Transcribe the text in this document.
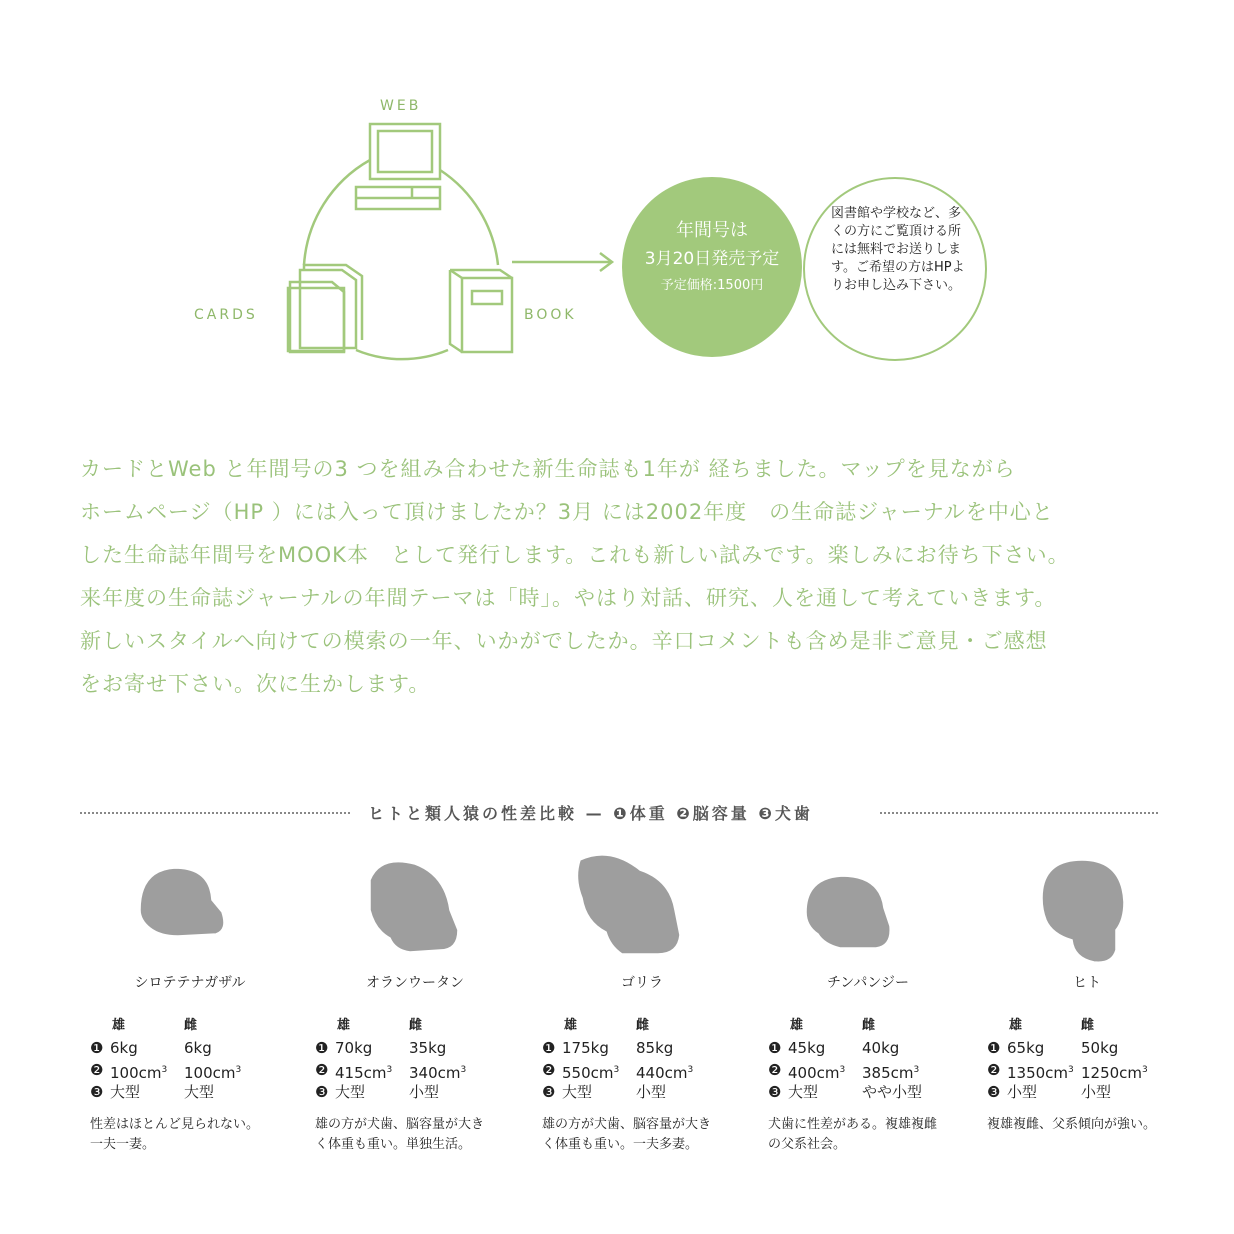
WEB
CARDS	BOOK
年間号は
3月20日発売予定
予定価格:1500円
図書館や学校など、多くの方にご覧頂ける所には無料でお送りします。ご希望の方はHPよりお申し込み下さい。
カードとWeb と年間号の3 つを組み合わせた新生命誌も1年が 経ちました。マップを見ながら
ホームページ（HP ）には入って頂けましたか？3月 には2002年度　の生命誌ジャーナルを中心と
した生命誌年間号をMOOK本　として発行します。これも新しい試みです。楽しみにお待ち下さい。
来年度の生命誌ジャーナルの年間テーマは「時」。やはり対話、研究、人を通して考えていきます。
新しいスタイルへ向けての模索の一年、いかがでしたか。辛口コメントも含め是非ご意見・ご感想
をお寄せ下さい。次に生かします。
ヒトと類人猿の性差比較 — ❶体重 ❷脳容量 ❸犬歯
シロテテナガザル
雄	雌
❶ 6kg	6kg
❷ $100cm^3$ $100cm^3$
❸ 大型	大型
性差はほとんど見られない。一夫一妻。
オランウータン
雄	雌
❶ 70kg 35kg
❷ $415cm^3$ $340cm^3$
❸ 大型	小型
雄の方が犬歯、脳容量が大きく体重も重い。単独生活。
ゴリラ
雄	雌
❶ 175kg 85kg
❷ $550cm^3$ $440cm^3$
❸ 大型	小型
雄の方が犬歯、脳容量が大きく体重も重い。一夫多妻。
チンパンジー
雄	雌
❶ 45kg 40kg
❷ $400cm^3$ $385cm^3$
❸ 大型	やや小型
犬歯に性差がある。複雄複雌の父系社会。
ヒト
雄	雌
❶ 65kg 50kg
❷ $1350cm^3$ $1250cm^3$
❸ 小型	小型
複雄複雌、父系傾向が強い。
